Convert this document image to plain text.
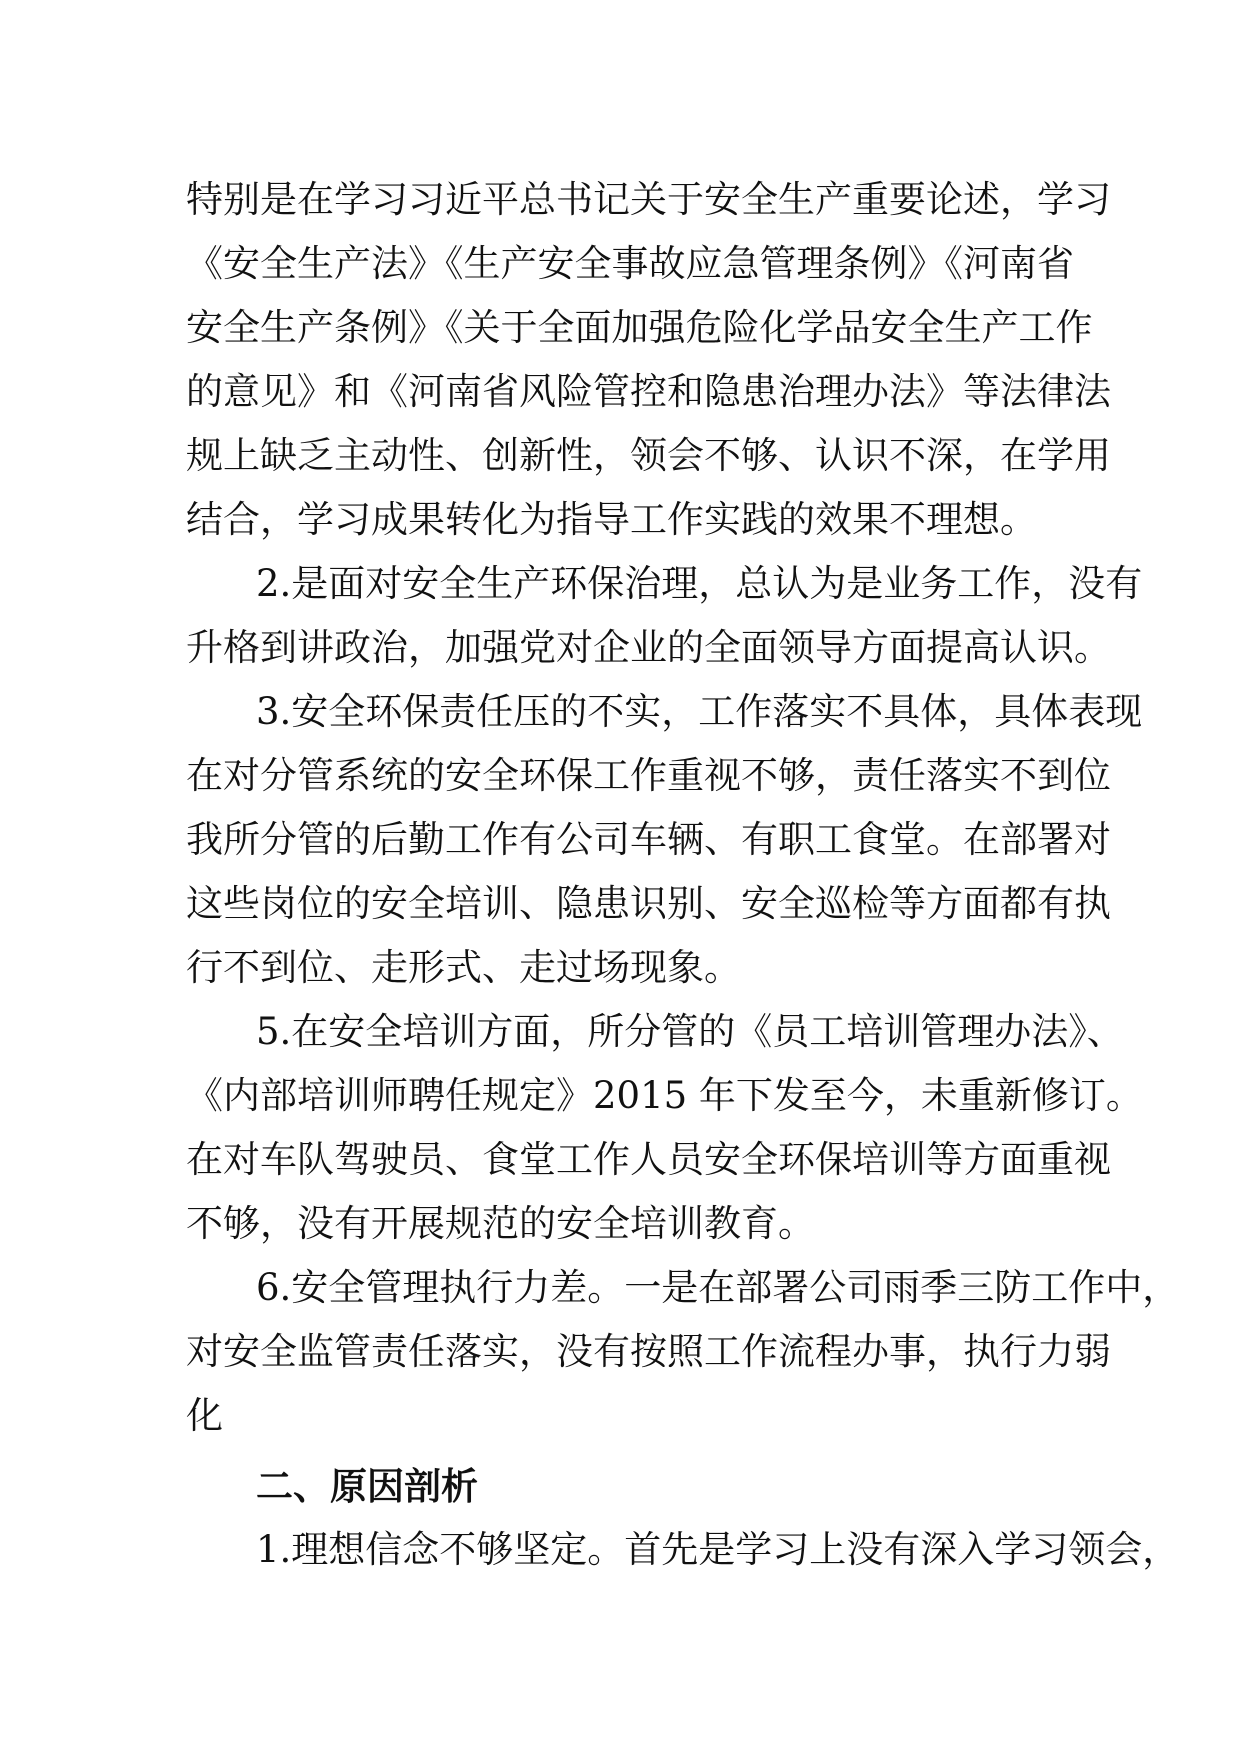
特别是在学习习近平总书记关于安全生产重要论述，学习
《安全生产法》《生产安全事故应急管理条例》《河南省
安全生产条例》《关于全面加强危险化学品安全生产工作
的意见》和《河南省风险管控和隐患治理办法》等法律法
规上缺乏主动性、创新性，领会不够、认识不深，在学用
结合，学习成果转化为指导工作实践的效果不理想。
2.是面对安全生产环保治理，总认为是业务工作，没有
升格到讲政治，加强党对企业的全面领导方面提高认识。
3.安全环保责任压的不实，工作落实不具体，具体表现
在对分管系统的安全环保工作重视不够，责任落实不到位
我所分管的后勤工作有公司车辆、有职工食堂。在部署对
这些岗位的安全培训、隐患识别、安全巡检等方面都有执
行不到位、走形式、走过场现象。
5.在安全培训方面，所分管的《员工培训管理办法》、
《内部培训师聘任规定》2015 年下发至今，未重新修订。
在对车队驾驶员、食堂工作人员安全环保培训等方面重视
不够，没有开展规范的安全培训教育。
6.安全管理执行力差。一是在部署公司雨季三防工作中，
对安全监管责任落实，没有按照工作流程办事，执行力弱
化
二、原因剖析
1.理想信念不够坚定。首先是学习上没有深入学习领会，
